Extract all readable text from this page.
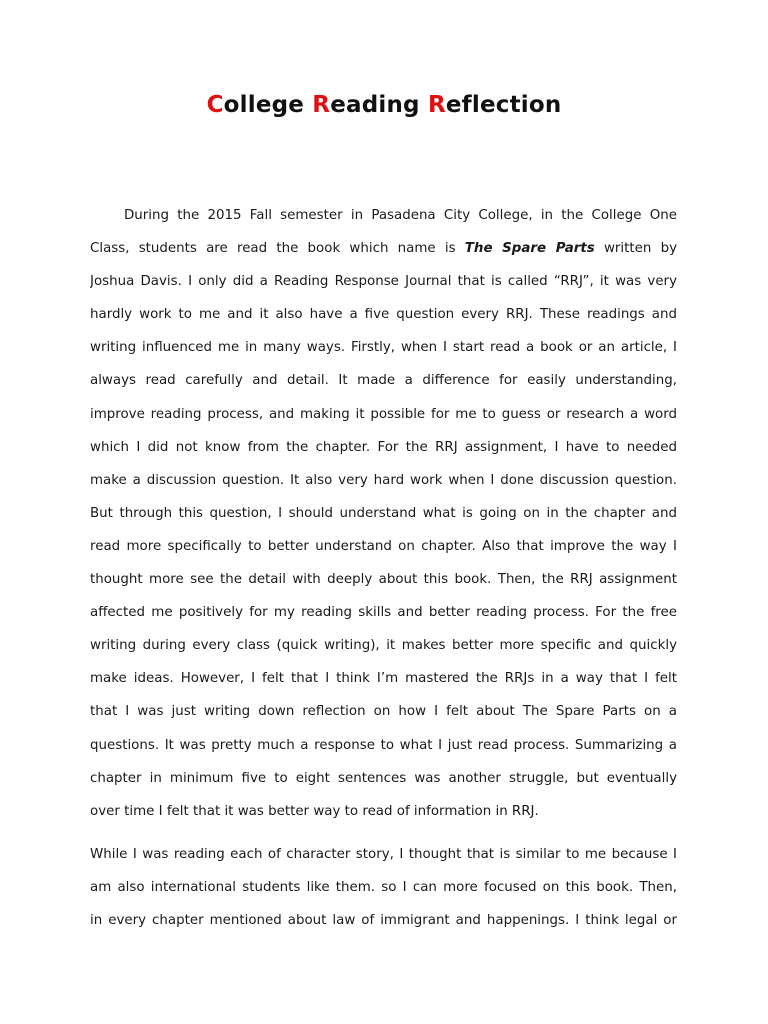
College Reading Reflection
During the 2015 Fall semester in Pasadena City College, in the College One
Class, students are read the book which name is The Spare Parts written by
Joshua Davis. I only did a Reading Response Journal that is called “RRJ”, it was very
hardly work to me and it also have a five question every RRJ. These readings and
writing influenced me in many ways. Firstly, when I start read a book or an article, I
always read carefully and detail. It made a difference for easily understanding,
improve reading process, and making it possible for me to guess or research a word
which I did not know from the chapter. For the RRJ assignment, I have to needed
make a discussion question. It also very hard work when I done discussion question.
But through this question, I should understand what is going on in the chapter and
read more specifically to better understand on chapter. Also that improve the way I
thought more see the detail with deeply about this book. Then, the RRJ assignment
affected me positively for my reading skills and better reading process. For the free
writing during every class (quick writing), it makes better more specific and quickly
make ideas. However, I felt that I think I’m mastered the RRJs in a way that I felt
that I was just writing down reflection on how I felt about The Spare Parts on a
questions. It was pretty much a response to what I just read process. Summarizing a
chapter in minimum five to eight sentences was another struggle, but eventually
over time I felt that it was better way to read of information in RRJ.
While I was reading each of character story, I thought that is similar to me because I
am also international students like them. so I can more focused on this book. Then,
in every chapter mentioned about law of immigrant and happenings. I think legal or
